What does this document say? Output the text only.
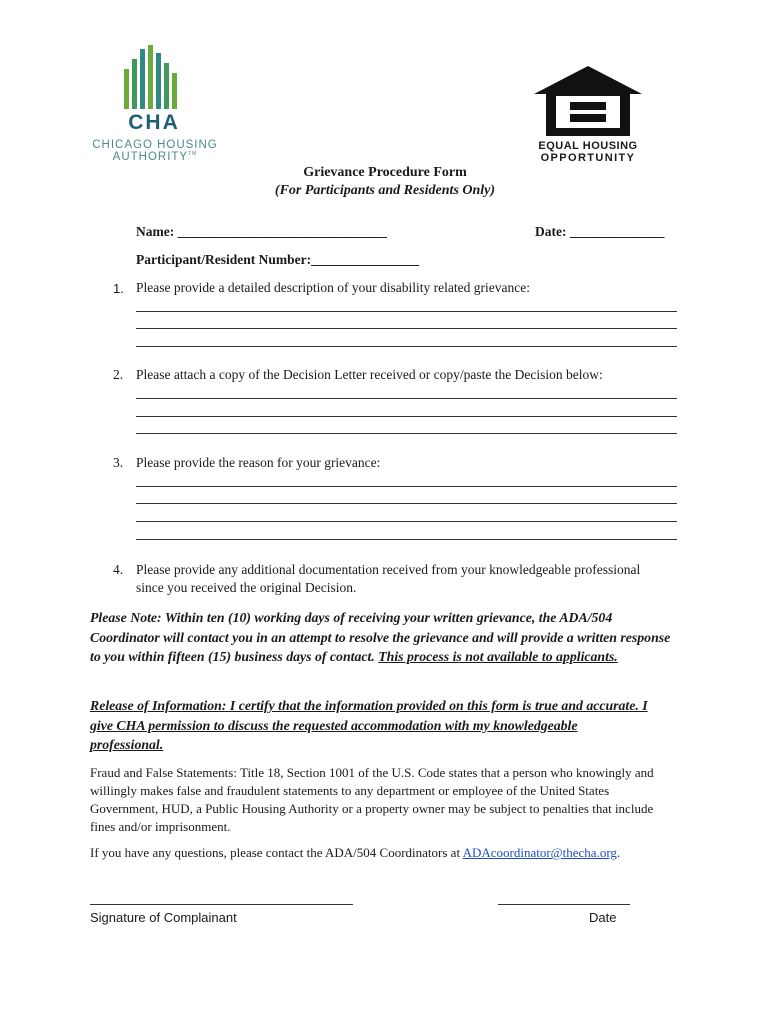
CHA
CHICAGO HOUSING
AUTHORITY™
EQUAL HOUSING
OPPORTUNITY
Grievance Procedure Form
(For Participants and Residents Only)
Name: _______________________________	Date: ______________
Participant/Resident Number:________________
1. Please provide a detailed description of your disability related grievance:
2. Please attach a copy of the Decision Letter received or copy/paste the Decision below:
3. Please provide the reason for your grievance:
4. Please provide any additional documentation received from your knowledgeable professional
since you received the original Decision.
Please Note: Within ten (10) working days of receiving your written grievance, the ADA/504 Coordinator will contact you in an attempt to resolve the grievance and will provide a written response to you within fifteen (15) business days of contact. This process is not available to applicants.
Release of Information: I certify that the information provided on this form is true and accurate. I give CHA permission to discuss the requested accommodation with my knowledgeable professional.
Fraud and False Statements: Title 18, Section 1001 of the U.S. Code states that a person who knowingly and willingly makes false and fraudulent statements to any department or employee of the United States Government, HUD, a Public Housing Authority or a property owner may be subject to penalties that include fines and/or imprisonment.
If you have any questions, please contact the ADA/504 Coordinators at ADAcoordinator@thecha.org.
Signature of Complainant	Date
